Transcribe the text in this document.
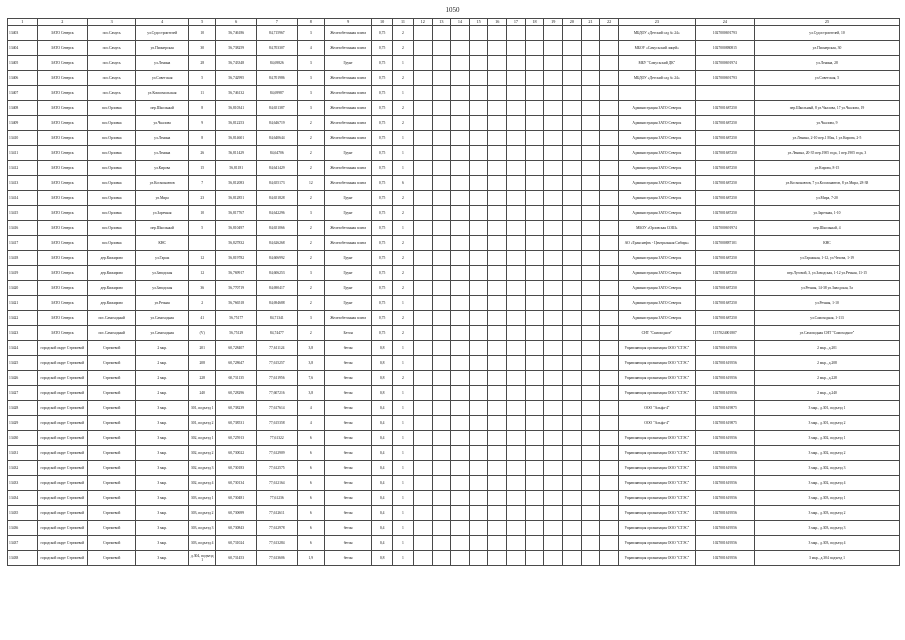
1050
1	2	3	4	5	6	7	8	9	10	11	12	13	14	15	16	17	18	19	20	21	22	23	24	25
13403	ЗАТО Северск	пос.Самусь	ул.Судостроителей	10	56,746186	84,715967	3	Железобетонная плита	0,75	2												МБДОУ «Детский сад № 24»	1027000691793	ул.Судостроителей, 10
13404	ЗАТО Северск	пос.Самусь	ул.Пионерская	30	56,738259	84,703307	4	Железобетонная плита	0,75	2												МБОУ «Самусьский лицей»	1027000880815	ул.Пионерская, 30
13405	ЗАТО Северск	пос.Самусь	ул.Ленина	28	56,743348	84,69826	3	Грунт	0,75	1												МБУ "Самусьский ДК"	1027000691974	ул.Ленина, 28
13406	ЗАТО Северск	пос.Самусь	ул.Советская	5	56,742995	84,701986	3	Железобетонная плита	0,75	2												МБДОУ «Детский сад № 24»	1027000691793	ул.Советская, 5
13407	ЗАТО Северск	пос.Самусь	ул.Комсомольская	11	56,746132	84,69987	3	Железобетонная плита	0,75	1														
13408	ЗАТО Северск	пос.Орловка	пер.Школьный	8	56,810341	84,651387	3	Железобетонная плита	0,75	2												Администрация ЗАТО Северск	1027001687250	пер.Школьный, 8 ул.Чкалова, 17 ул.Чкалова, 19
13409	ЗАТО Северск	пос.Орловка	ул.Чкалова	9	56,812253	84,646719	2	Железобетонная плита	0,75	2												Администрация ЗАТО Северск	1027001687250	ул.Чкалова, 9
13410	ЗАТО Северск	пос.Орловка	ул.Ленина	8	56,814601	84,640644	2	Железобетонная плита	0,75	1												Администрация ЗАТО Северск	1027001687250	ул.Ленина, 2-10 пер.1 Мая, 1 ул.Кирова, 2-5
13411	ЗАТО Северск	пос.Орловка	ул.Ленина	26	56,811429	84,64706	2	Грунт	0,75	1												Администрация ЗАТО Северск	1027001687250	ул.Ленина, 20-35 пер.1905 года, 1 пер.1905 года, 3
13412	ЗАТО Северск	пос.Орловка	ул.Кирова	15	56,81181	84,641429	2	Железобетонная плита	0,75	1												Администрация ЗАТО Северск	1027001687250	ул.Кирова, 8-15
13413	ЗАТО Северск	пос.Орловка	ул.Космонавтов	7	56,812083	84,655173	12	Железобетонная плита	0,75	6												Администрация ЗАТО Северск	1027001687250	ул.Космонавтов, 7 ул.Космонавтов, 8 ул.Мира, 28-38
13414	ЗАТО Северск	пос.Орловка	ул.Мира	23	56,812851	84,651828	2	Грунт	0,75	2												Администрация ЗАТО Северск	1027001687250	ул.Мира, 7-20
13415	ЗАТО Северск	пос.Орловка	ул.Заречная	10	56,817767	84,642296	3	Грунт	0,75	2												Администрация ЗАТО Северск	1027001687250	ул.Заречная, 1-10
13416	ЗАТО Северск	пос.Орловка	пер.Школьный	5	56,810497	84,651066	2	Железобетонная плита	0,75	1												МБОУ «Орловская СОШ»	1027000691974	пер.Школьный, 4
13417	ЗАТО Северск	пос.Орловка	КНС		56,827832	84,626268	2	Железобетонная плита	0,75	2												АО «Транснефть - Центральная Сибирь»	1027000887101	КНС
13418	ЗАТО Северск	дер.Кижирово	ул.Гараж	12	56,819782	84,606992	2	Грунт	0,75	2												Администрация ЗАТО Северск	1027001687250	ул.Гаражная, 1-12, ул.Чехова, 1-19
13419	ЗАТО Северск	дер.Кижирово	ул.Заводская	12	56,769917	84,606253	3	Грунт	0,75	2												Администрация ЗАТО Северск	1027001687250	пер.Луговой, 3, ул.Заводская, 1-12 ул.Речная, 11-15
13420	ЗАТО Северск	дер.Кижирово	ул.Заводская	36	56,770719	84,690417	2	Грунт	0,75	2												Администрация ЗАТО Северск	1027001687250	ул.Речная, 14-38 ул.Заводская, 5а
13421	ЗАТО Северск	дер.Кижирово	ул.Речная	2	56,766518	84,694688	2	Грунт	0,75	1												Администрация ЗАТО Северск	1027001687250	ул.Речная, 1-10
13422	ЗАТО Северск	пос.Самоходный	ул.Самоходная	41	56,75177	84,71341	3	Железобетонная плита	0,75	2												Администрация ЗАТО Северск	1027001687250	ул.Самоходная, 1-113
13423	ЗАТО Северск	пос.Самоходный	ул.Самоходная	(V)	56,75129	84,74477	2	Бетон	0,75	2												СНТ "Самоходное"	1157024001807	ул.Самоходная СНТ "Самоходное"
13424	городской округ Стрежевой	Стрежевой	2 мкр.	201	60,728407	77,611124	3,8	бетон	0,8	1												Управляющая организация ООО "СТЭС"	1027001619556	2 мкр., д.201
13425	городской округ Стрежевой	Стрежевой	2 мкр.	208	60,728647	77,615257	3,8	бетон	0,8	1												Управляющая организация ООО "СТЭС"	1027001619556	2 мкр., д.208
13426	городской округ Стрежевой	Стрежевой	2 мкр.	228	60,731135	77,611956	7,6	бетон	0,8	2												Управляющая организация ООО "СТЭС"	1027001619556	2 мкр., д.228
13427	городской округ Стрежевой	Стрежевой	2 мкр.	240	60,728296	77,607216	3,8	бетон	0,8	1												Управляющая организация ООО "СТЭС"	1027001619556	2 мкр., д.240
13428	городской округ Стрежевой	Стрежевой	3 мкр.	301, подъезд 1	60,738239	77,617614	4	бетон	0,4	1												ООО "Альфа-4"	1027001619875	3 мкр., д.301, подъезд 1
13429	городской округ Стрежевой	Стрежевой	3 мкр.	301, подъезд 2	60,738531	77,615358	4	бетон	0,4	1												ООО "Альфа-4"	1027001619875	3 мкр., д.301, подъезд 2
13430	городской округ Стрежевой	Стрежевой	3 мкр.	302, подъезд 1	60,725913	77,61322	6	бетон	0,4	1												Управляющая организация ООО "СТЭС"	1027001619556	3 мкр., д.302, подъезд 1
13431	городской округ Стрежевой	Стрежевой	3 мкр.	302, подъезд 2	60,730022	77,612909	6	бетон	0,4	1												Управляющая организация ООО "СТЭС"	1027001619556	3 мкр., д.302, подъезд 2
13432	городской округ Стрежевой	Стрежевой	3 мкр.	302, подъезд 3	60,730183	77,612575	6	бетон	0,4	1												Управляющая организация ООО "СТЭС"	1027001619556	3 мкр., д.302, подъезд 3
13433	городской округ Стрежевой	Стрежевой	3 мкр.	302, подъезд 4	60,730134	77,612164	6	бетон	0,4	1												Управляющая организация ООО "СТЭС"	1027001619556	3 мкр., д.302, подъезд 4
13434	городской округ Стрежевой	Стрежевой	3 мкр.	303, подъезд 1	60,730481	77,61236	6	бетон	0,4	1												Управляющая организация ООО "СТЭС"	1027001619556	3 мкр., д.303, подъезд 1
13435	городской округ Стрежевой	Стрежевой	3 мкр.	303, подъезд 2	60,730699	77,612611	6	бетон	0,4	1												Управляющая организация ООО "СТЭС"	1027001619556	3 мкр., д.303, подъезд 2
13436	городской округ Стрежевой	Стрежевой	3 мкр.	303, подъезд 3	60,730843	77,612978	6	бетон	0,4	1												Управляющая организация ООО "СТЭС"	1027001619556	3 мкр., д.303, подъезд 3
13437	городской округ Стрежевой	Стрежевой	3 мкр.	303, подъезд 4	60,731024	77,613284	6	бетон	0,4	1												Управляющая организация ООО "СТЭС"	1027001619556	3 мкр., д.303, подъезд 4
13438	городской округ Стрежевой	Стрежевой	3 мкр.	д.304, подъезд 1	60,731453	77,613606	1,9	бетон	0,8	1												Управляющая организация ООО "СТЭС"	1027001619556	3 мкр., д.304 подъезд 1
